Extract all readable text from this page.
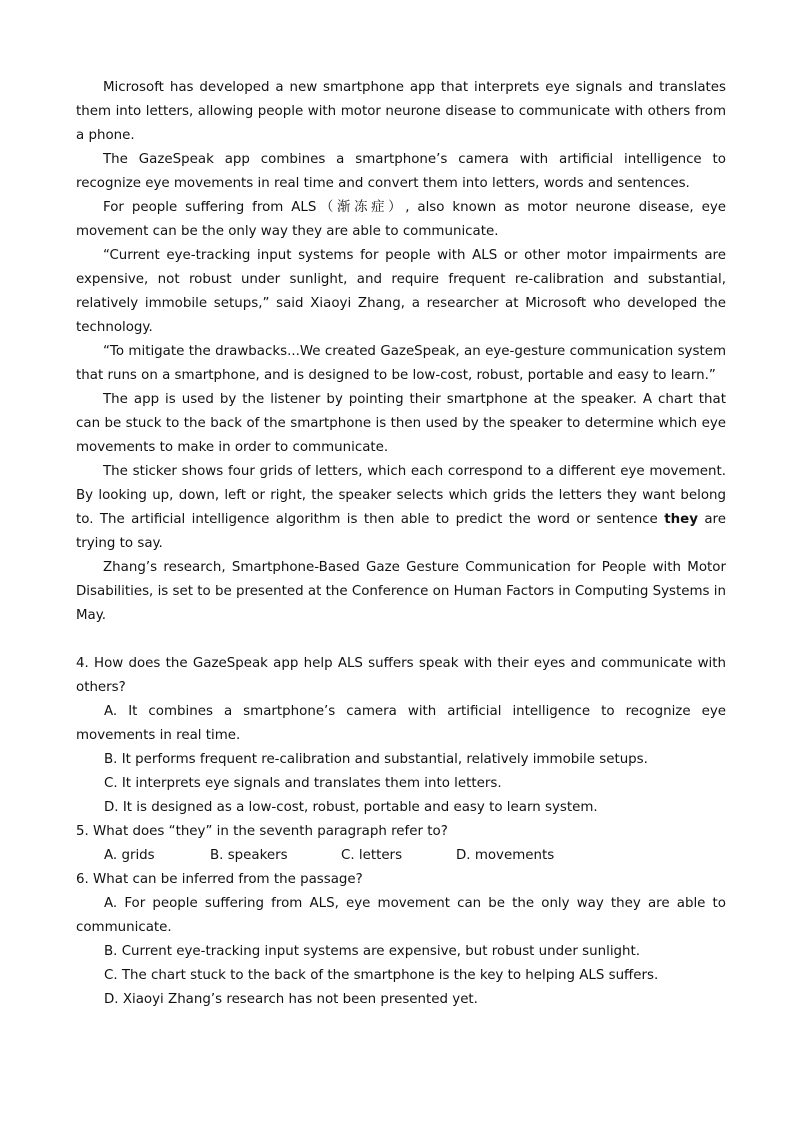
Microsoft has developed a new smartphone app that interprets eye signals and translates them into letters, allowing people with motor neurone disease to communicate with others from a phone.

The GazeSpeak app combines a smartphone’s camera with artificial intelligence to recognize eye movements in real time and convert them into letters, words and sentences.

For people suffering from ALS（渐冻症）, also known as motor neurone disease, eye movement can be the only way they are able to communicate.

“Current eye-tracking input systems for people with ALS or other motor impairments are expensive, not robust under sunlight, and require frequent re-calibration and substantial, relatively immobile setups,” said Xiaoyi Zhang, a researcher at Microsoft who developed the technology.

“To mitigate the drawbacks...We created GazeSpeak, an eye-gesture communication system that runs on a smartphone, and is designed to be low-cost, robust, portable and easy to learn.”

The app is used by the listener by pointing their smartphone at the speaker. A chart that can be stuck to the back of the smartphone is then used by the speaker to determine which eye movements to make in order to communicate.

The sticker shows four grids of letters, which each correspond to a different eye movement. By looking up, down, left or right, the speaker selects which grids the letters they want belong to. The artificial intelligence algorithm is then able to predict the word or sentence they are trying to say.

Zhang’s research, Smartphone-Based Gaze Gesture Communication for People with Motor Disabilities, is set to be presented at the Conference on Human Factors in Computing Systems in May.

4. How does the GazeSpeak app help ALS suffers speak with their eyes and communicate with others?

A. It combines a smartphone’s camera with artificial intelligence to recognize eye movements in real time.

B. It performs frequent re-calibration and substantial, relatively immobile setups.

C. It interprets eye signals and translates them into letters.

D. It is designed as a low-cost, robust, portable and easy to learn system.

5. What does “they” in the seventh paragraph refer to?

A. grids	B. speakers	C. letters	D. movements

6. What can be inferred from the passage?

A. For people suffering from ALS, eye movement can be the only way they are able to communicate.

B. Current eye-tracking input systems are expensive, but robust under sunlight.

C. The chart stuck to the back of the smartphone is the key to helping ALS suffers.

D. Xiaoyi Zhang’s research has not been presented yet.
